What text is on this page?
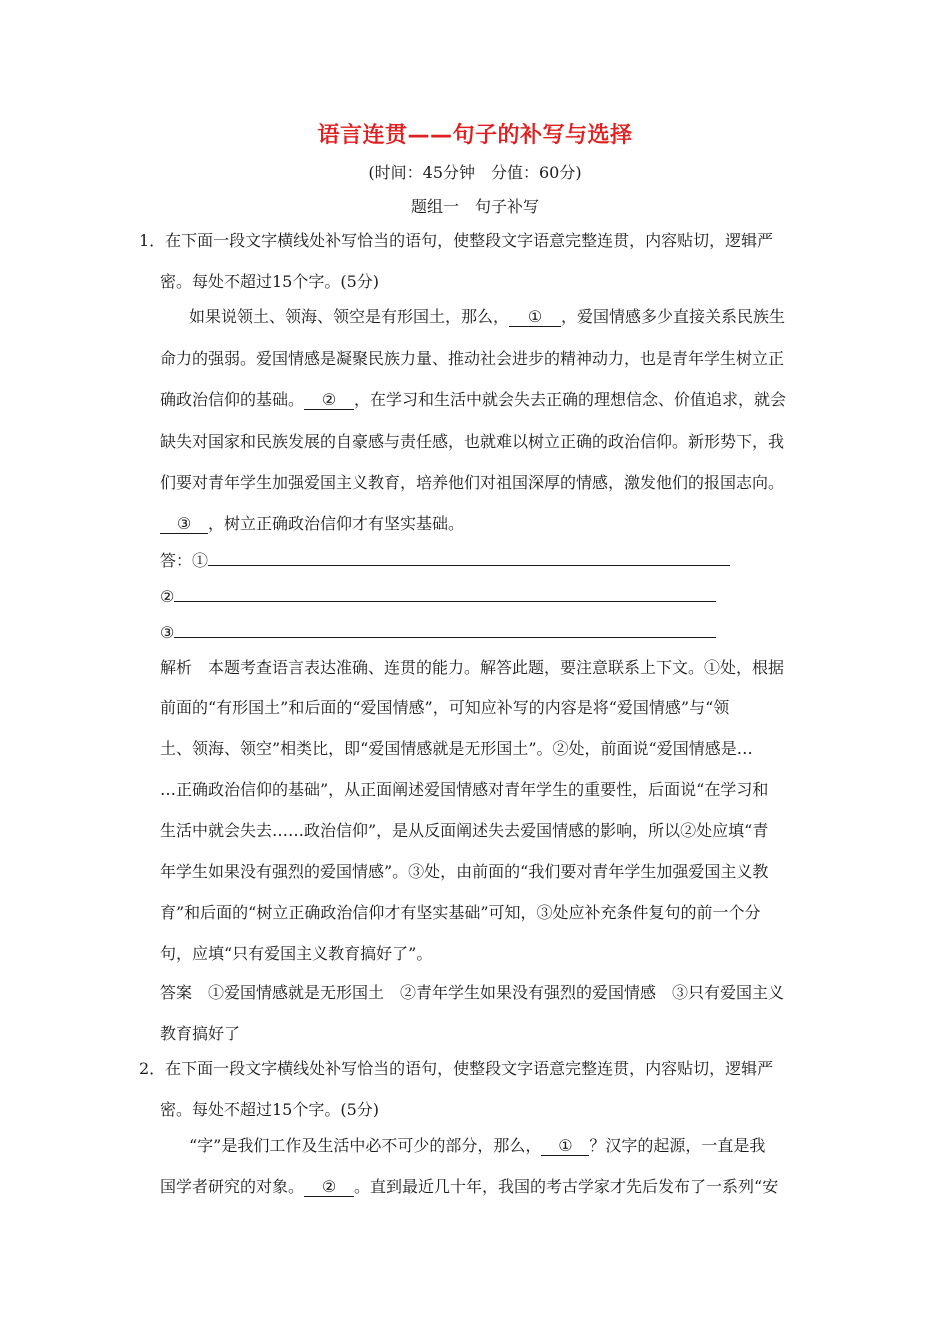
语言连贯——句子的补写与选择
(时间：45分钟　分值：60分)
题组一　句子补写
1．在下面一段文字横线处补写恰当的语句，使整段文字语意完整连贯，内容贴切，逻辑严
密。每处不超过15个字。(5分)
如果说领土、领海、领空是有形国土，那么， ① ，爱国情感多少直接关系民族生
命力的强弱。爱国情感是凝聚民族力量、推动社会进步的精神动力，也是青年学生树立正
确政治信仰的基础。 ② ，在学习和生活中就会失去正确的理想信念、价值追求，就会
缺失对国家和民族发展的自豪感与责任感，也就难以树立正确的政治信仰。新形势下，我
们要对青年学生加强爱国主义教育，培养他们对祖国深厚的情感，激发他们的报国志向。
③ ，树立正确政治信仰才有坚实基础。
答：①
②
③
解析　本题考查语言表达准确、连贯的能力。解答此题，要注意联系上下文。①处，根据
前面的“有形国土”和后面的“爱国情感”，可知应补写的内容是将“爱国情感”与“领
土、领海、领空”相类比，即“爱国情感就是无形国土”。②处，前面说“爱国情感是…
…正确政治信仰的基础”，从正面阐述爱国情感对青年学生的重要性，后面说“在学习和
生活中就会失去……政治信仰”，是从反面阐述失去爱国情感的影响，所以②处应填“青
年学生如果没有强烈的爱国情感”。③处，由前面的“我们要对青年学生加强爱国主义教
育”和后面的“树立正确政治信仰才有坚实基础”可知，③处应补充条件复句的前一个分
句，应填“只有爱国主义教育搞好了”。
答案　①爱国情感就是无形国土　②青年学生如果没有强烈的爱国情感　③只有爱国主义
教育搞好了
2．在下面一段文字横线处补写恰当的语句，使整段文字语意完整连贯，内容贴切，逻辑严
密。每处不超过15个字。(5分)
“字”是我们工作及生活中必不可少的部分，那么， ① ？汉字的起源，一直是我
国学者研究的对象。 ② 。直到最近几十年，我国的考古学家才先后发布了一系列“安
